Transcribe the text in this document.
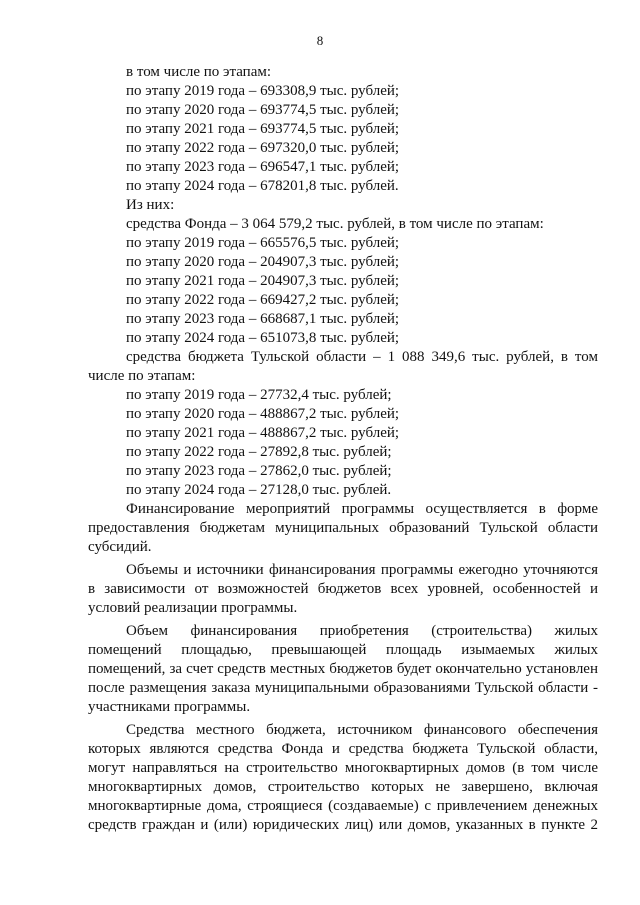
8
в том числе по этапам:
по этапу 2019 года – 693308,9 тыс. рублей;
по этапу 2020 года – 693774,5 тыс. рублей;
по этапу 2021 года – 693774,5 тыс. рублей;
по этапу 2022 года – 697320,0 тыс. рублей;
по этапу 2023 года – 696547,1 тыс. рублей;
по этапу 2024 года – 678201,8 тыс. рублей.
Из них:
средства Фонда – 3 064 579,2 тыс. рублей, в том числе по этапам:
по этапу 2019 года – 665576,5 тыс. рублей;
по этапу 2020 года – 204907,3 тыс. рублей;
по этапу 2021 года – 204907,3 тыс. рублей;
по этапу 2022 года – 669427,2 тыс. рублей;
по этапу 2023 года – 668687,1 тыс. рублей;
по этапу 2024 года – 651073,8 тыс. рублей;
средства бюджета Тульской области – 1 088 349,6 тыс. рублей, в том
числе по этапам:
по этапу 2019 года – 27732,4 тыс. рублей;
по этапу 2020 года – 488867,2 тыс. рублей;
по этапу 2021 года – 488867,2 тыс. рублей;
по этапу 2022 года – 27892,8 тыс. рублей;
по этапу 2023 года – 27862,0 тыс. рублей;
по этапу 2024 года – 27128,0 тыс. рублей.
Финансирование мероприятий программы осуществляется в форме предоставления бюджетам муниципальных образований Тульской области субсидий.
Объемы и источники финансирования программы ежегодно уточняются в зависимости от возможностей бюджетов всех уровней, особенностей и условий реализации программы.
Объем финансирования приобретения (строительства) жилых помещений площадью, превышающей площадь изымаемых жилых помещений, за счет средств местных бюджетов будет окончательно установлен после размещения заказа муниципальными образованиями Тульской области - участниками программы.
Средства местного бюджета, источником финансового обеспечения которых являются средства Фонда и средства бюджета Тульской области, могут направляться на строительство многоквартирных домов (в том числе многоквартирных домов, строительство которых не завершено, включая многоквартирные дома, строящиеся (создаваемые) с привлечением денежных средств граждан и (или) юридических лиц) или домов, указанных в пункте 2
